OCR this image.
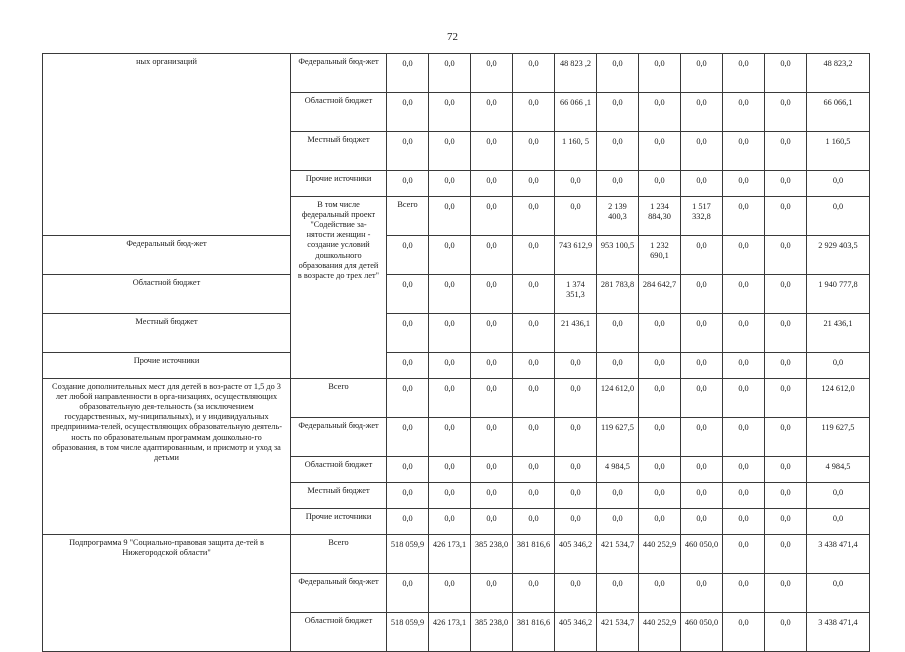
72
ных организаций	Федеральный бюд-жет	0,0	0,0	0,0	0,0	48 823 ,2	0,0	0,0	0,0	0,0	0,0	48 823,2	
	Областной бюджет	0,0	0,0	0,0	0,0	66 066 ,1	0,0	0,0	0,0	0,0	0,0	66 066,1	
	Местный бюджет	0,0	0,0	0,0	0,0	1 160, 5	0,0	0,0	0,0	0,0	0,0	1 160,5	
	Прочие источники	0,0	0,0	0,0	0,0	0,0	0,0	0,0	0,0	0,0	0,0	0,0	
	В том числе федеральный проект "Содействие за-нятости женщин - создание условий дошкольного образования для детей в возрасте до трех лет"	Всего	0,0	0,0	0,0	0,0	2 139 400,3	1 234 884,30	1 517 332,8	0,0	0,0	0,0	
Федеральный бюд-жет		0,0	0,0	0,0	0,0	743 612,9	953 100,5	1 232 690,1	0,0	0,0	0,0	2 929 403,5	
Областной бюджет		0,0	0,0	0,0	0,0	1 374 351,3	281 783,8	284 642,7	0,0	0,0	0,0	1 940 777,8	
Местный бюджет		0,0	0,0	0,0	0,0	21 436,1	0,0	0,0	0,0	0,0	0,0	21 436,1	
Прочие источники		0,0	0,0	0,0	0,0	0,0	0,0	0,0	0,0	0,0	0,0	0,0	
Создание дополнительных мест для детей в воз-расте от 1,5 до 3 лет любой направленности в орга-низациях, осуществляющих образовательную дея-тельность (за исключением государственных, му-ниципальных), и у индивидуальных предпринима-телей, осуществляющих образовательную деятель-ность по образовательным программам дошкольно-го образования, в том числе адаптированным, и присмотр и уход за детьми	Всего	0,0	0,0	0,0	0,0	0,0	124 612,0	0,0	0,0	0,0	0,0	124 612,0	
	Федеральный бюд-жет	0,0	0,0	0,0	0,0	0,0	119 627,5	0,0	0,0	0,0	0,0	119 627,5	
	Областной бюджет	0,0	0,0	0,0	0,0	0,0	4 984,5	0,0	0,0	0,0	0,0	4 984,5	
	Местный бюджет	0,0	0,0	0,0	0,0	0,0	0,0	0,0	0,0	0,0	0,0	0,0	
	Прочие источники	0,0	0,0	0,0	0,0	0,0	0,0	0,0	0,0	0,0	0,0	0,0	
Подпрограмма 9 "Социально-правовая защита де-тей в Нижегородской области"	Всего	518 059,9	426 173,1	385 238,0	381 816,6	405 346,2	421 534,7	440 252,9	460 050,0	0,0	0,0	3 438 471,4	
	Федеральный бюд-жет	0,0	0,0	0,0	0,0	0,0	0,0	0,0	0,0	0,0	0,0	0,0	
	Областной бюджет	518 059,9	426 173,1	385 238,0	381 816,6	405 346,2	421 534,7	440 252,9	460 050,0	0,0	0,0	3 438 471,4	
